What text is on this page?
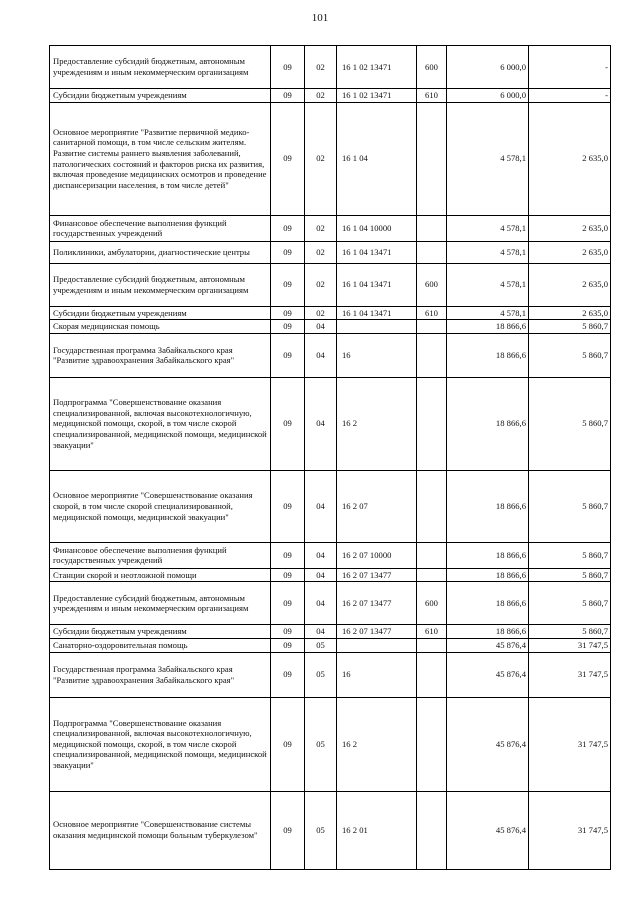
101
Предоставление субсидий бюджетным, автономным учреждениям и иным некоммерческим организациям	09	02	16 1 02 13471	600	6 000,0	-
Субсидии бюджетным учреждениям	09	02	16 1 02 13471	610	6 000,0	-
Основное мероприятие "Развитие первичной медико-санитарной помощи, в том числе сельским жителям. Развитие системы раннего выявления заболеваний, патологических состояний и факторов риска их развития, включая проведение медицинских осмотров и проведение диспансеризации населения, в том числе детей"	09	02	16 1 04		4 578,1	2 635,0
Финансовое обеспечение выполнения функций государственных учреждений	09	02	16 1 04 10000		4 578,1	2 635,0
Поликлиники, амбулатории, диагностические центры	09	02	16 1 04 13471		4 578,1	2 635,0
Предоставление субсидий бюджетным, автономным учреждениям и иным некоммерческим организациям	09	02	16 1 04 13471	600	4 578,1	2 635,0
Субсидии бюджетным учреждениям	09	02	16 1 04 13471	610	4 578,1	2 635,0
Скорая медицинская помощь	09	04			18 866,6	5 860,7
Государственная программа Забайкальского края "Развитие здравоохранения Забайкальского края"	09	04	16		18 866,6	5 860,7
Подпрограмма "Совершенствование оказания специализированной, включая высокотехнологичную, медицинской помощи, скорой, в том числе скорой специализированной, медицинской помощи, медицинской эвакуации"	09	04	16 2		18 866,6	5 860,7
Основное мероприятие "Совершенствование оказания скорой, в том числе скорой специализированной, медицинской помощи, медицинской эвакуации"	09	04	16 2 07		18 866,6	5 860,7
Финансовое обеспечение выполнения функций государственных учреждений	09	04	16 2 07 10000		18 866,6	5 860,7
Станции скорой и неотложной помощи	09	04	16 2 07 13477		18 866,6	5 860,7
Предоставление субсидий бюджетным, автономным учреждениям и иным некоммерческим организациям	09	04	16 2 07 13477	600	18 866,6	5 860,7
Субсидии бюджетным учреждениям	09	04	16 2 07 13477	610	18 866,6	5 860,7
Санаторно-оздоровительная помощь	09	05			45 876,4	31 747,5
Государственная программа Забайкальского края "Развитие здравоохранения Забайкальского края"	09	05	16		45 876,4	31 747,5
Подпрограмма "Совершенствование оказания специализированной, включая высокотехнологичную, медицинской помощи, скорой, в том числе скорой специализированной, медицинской помощи, медицинской эвакуации"	09	05	16 2		45 876,4	31 747,5
Основное мероприятие "Совершенствование системы оказания медицинской помощи больным туберкулезом"	09	05	16 2 01		45 876,4	31 747,5
